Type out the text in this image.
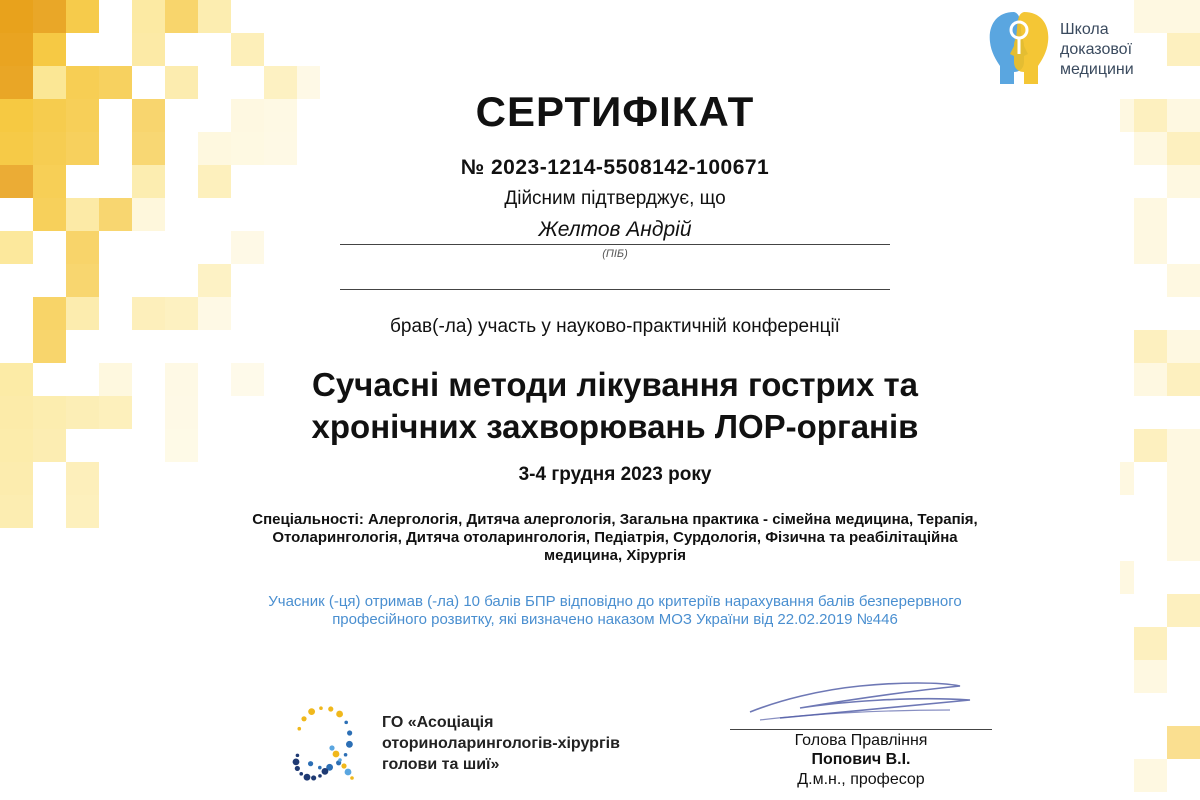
Школа
доказової
медицини
СЕРТИФІКАТ
№ 2023-1214-5508142-100671
Дійсним підтверджує, що
Желтов Андрій
(ПІБ)
брав(-ла) участь у науково-практичній конференції
Сучасні методи лікування гострих та
хронічних захворювань ЛОР-органів
3-4 грудня 2023 року
Спеціальності: Алергологія, Дитяча алергологія, Загальна практика - сімейна медицина, Терапія,
Отоларингологія, Дитяча отоларингологія, Педіатрія, Сурдологія, Фізична та реабілітаційна
медицина, Хірургія
Учасник (-ця) отримав (-ла) 10 балів БПР відповідно до критеріїв нарахування балів безперервного
професійного розвитку, які визначено наказом МОЗ України від 22.02.2019 №446
ГО «Асоціація
оториноларингологів-хірургів
голови та шиї»
Голова Правління
Попович В.І.
Д.м.н., професор
